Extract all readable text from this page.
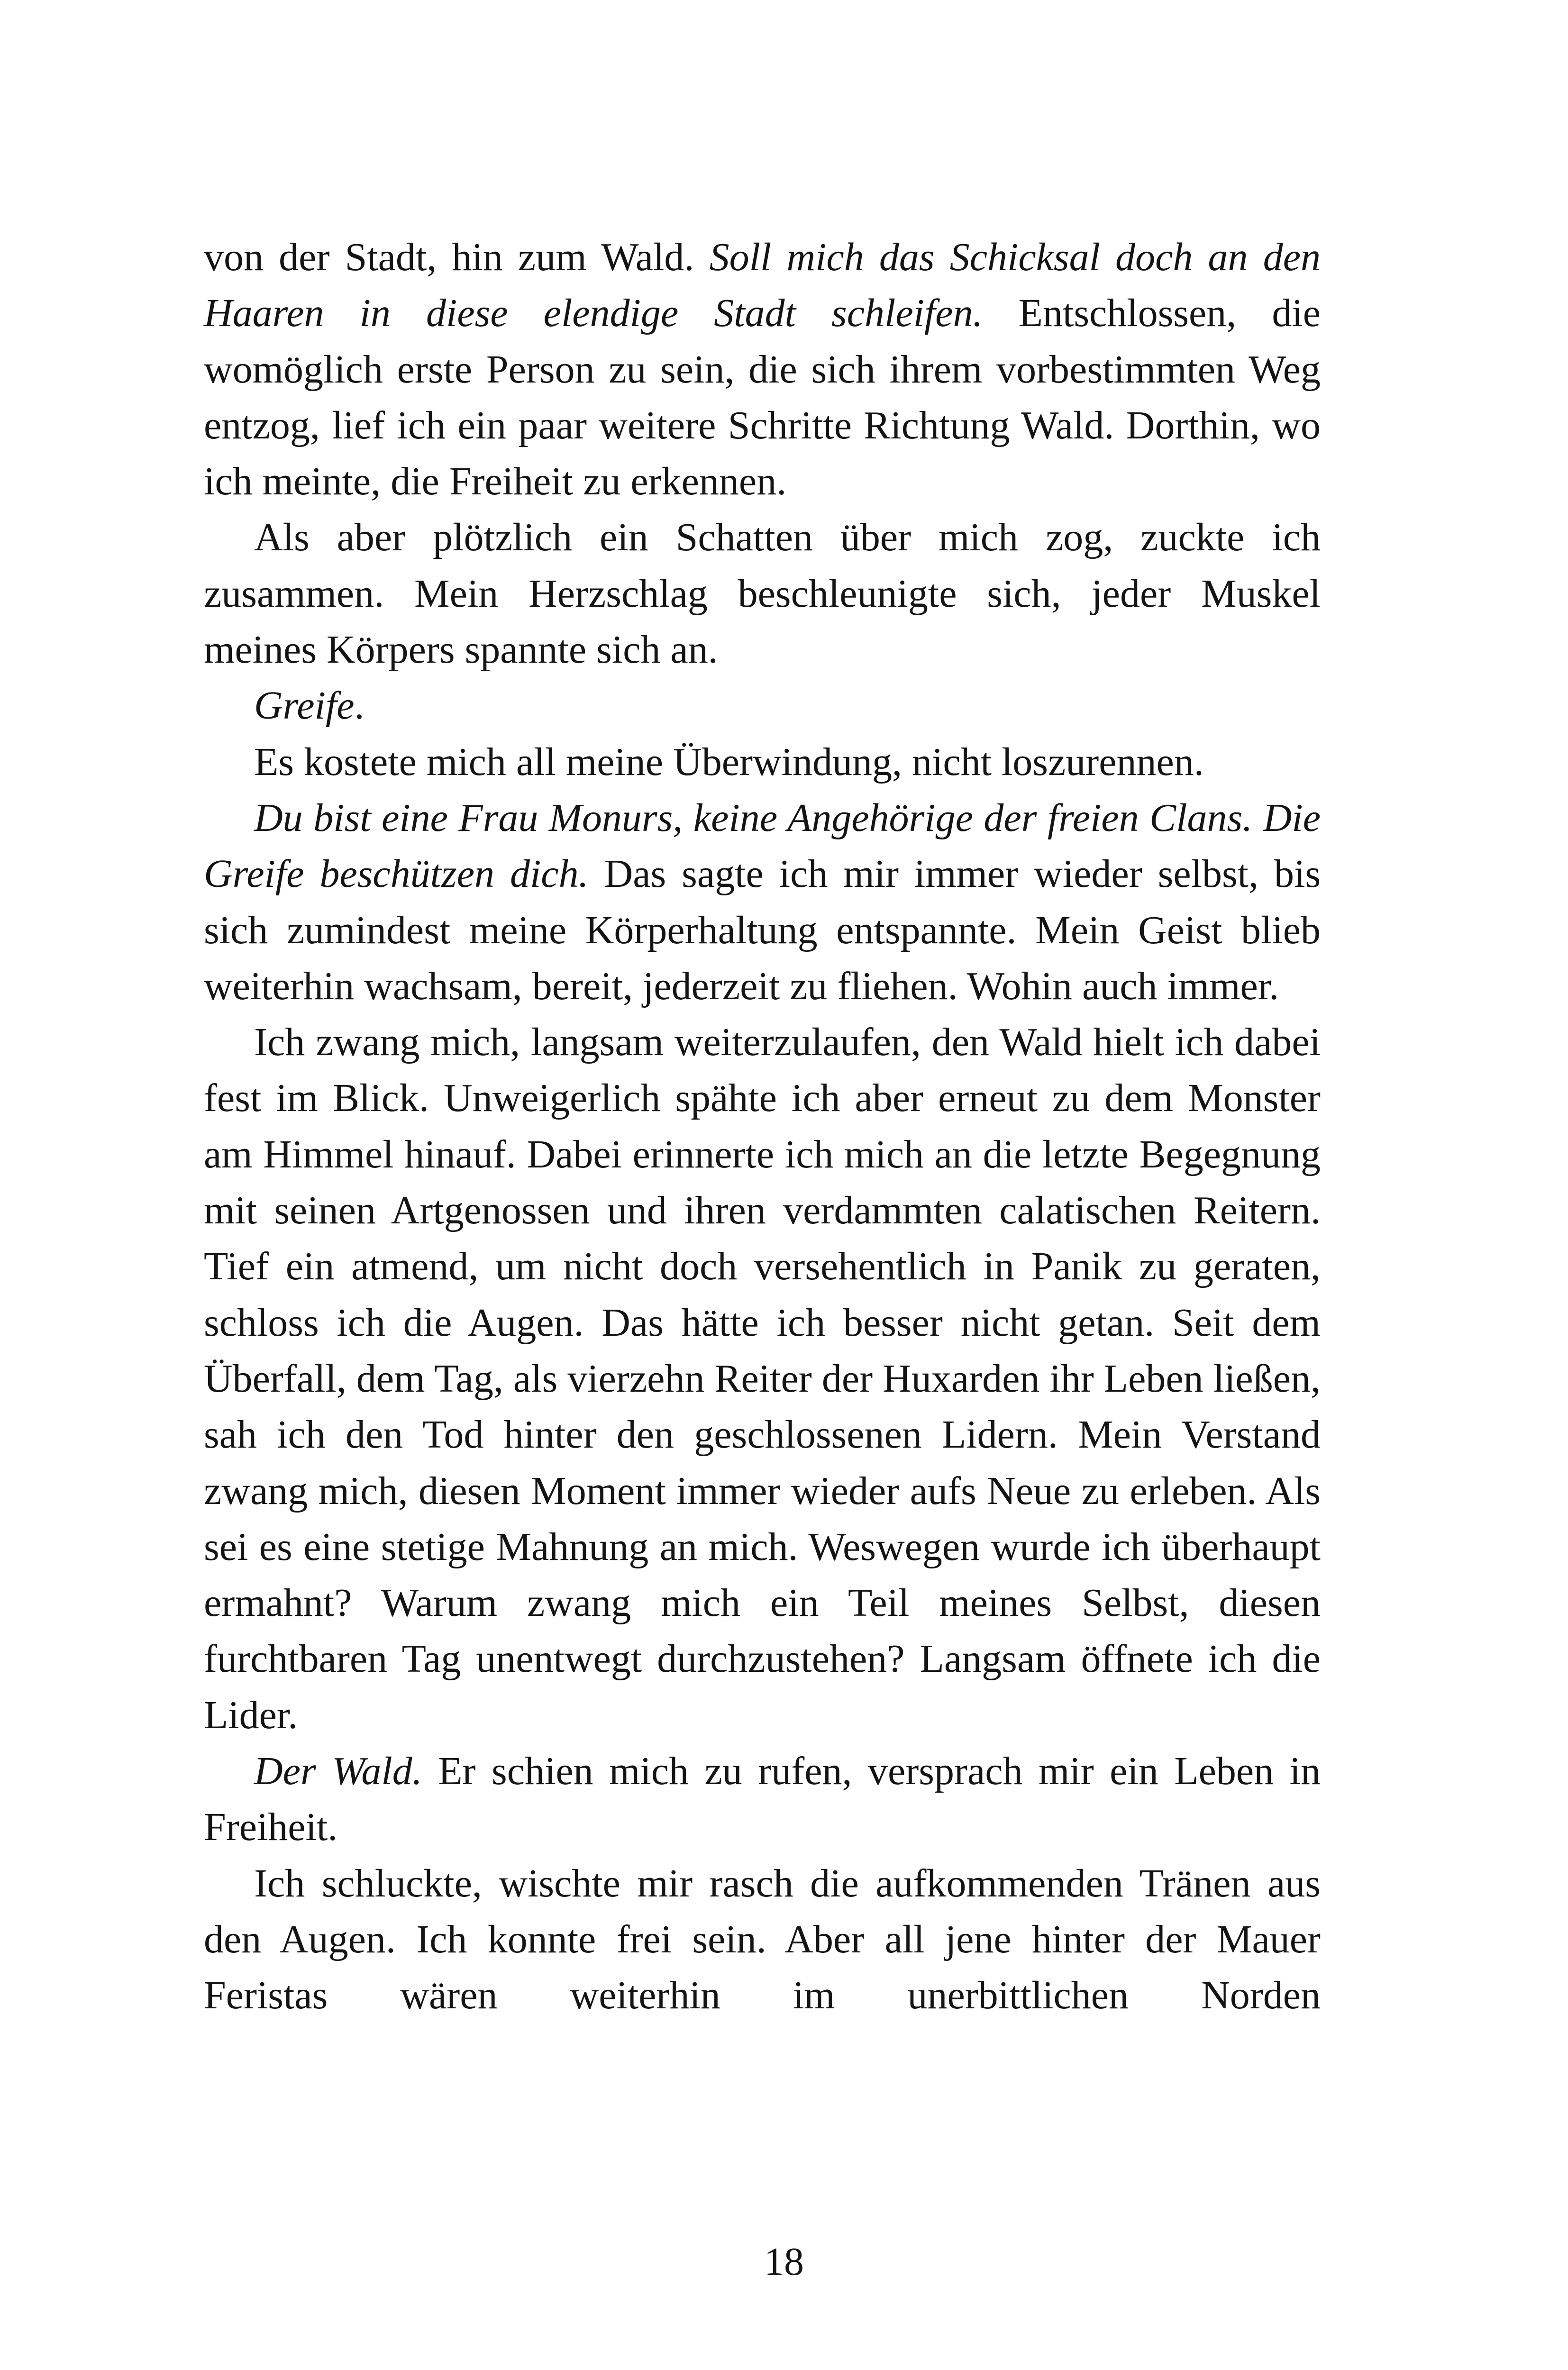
von der Stadt, hin zum Wald. Soll mich das Schicksal doch an den Haaren in diese elendige Stadt schleifen. Entschlossen, die womöglich erste Person zu sein, die sich ihrem vorbestimmten Weg entzog, lief ich ein paar weitere Schritte Richtung Wald. Dorthin, wo ich meinte, die Freiheit zu erkennen.

Als aber plötzlich ein Schatten über mich zog, zuckte ich zusammen. Mein Herzschlag beschleunigte sich, jeder Muskel meines Körpers spannte sich an.

Greife.

Es kostete mich all meine Überwindung, nicht loszurennen.

Du bist eine Frau Monurs, keine Angehörige der freien Clans. Die Greife beschützen dich. Das sagte ich mir immer wieder selbst, bis sich zumindest meine Körperhaltung entspannte. Mein Geist blieb weiterhin wachsam, bereit, jederzeit zu fliehen. Wohin auch immer.

Ich zwang mich, langsam weiterzulaufen, den Wald hielt ich dabei fest im Blick. Unweigerlich spähte ich aber erneut zu dem Monster am Himmel hinauf. Dabei erinnerte ich mich an die letzte Begegnung mit seinen Artgenossen und ihren verdammten calatischen Reitern. Tief ein atmend, um nicht doch versehentlich in Panik zu geraten, schloss ich die Augen. Das hätte ich besser nicht getan. Seit dem Überfall, dem Tag, als vierzehn Reiter der Huxarden ihr Leben ließen, sah ich den Tod hinter den geschlossenen Lidern. Mein Verstand zwang mich, diesen Moment immer wieder aufs Neue zu erleben. Als sei es eine stetige Mahnung an mich. Weswegen wurde ich überhaupt ermahnt? Warum zwang mich ein Teil meines Selbst, diesen furchtbaren Tag unentwegt durchzustehen? Langsam öffnete ich die Lider.

Der Wald. Er schien mich zu rufen, versprach mir ein Leben in Freiheit.

Ich schluckte, wischte mir rasch die aufkommenden Tränen aus den Augen. Ich konnte frei sein. Aber all jene hinter der Mauer Feristas wären weiterhin im unerbittlichen Norden

18
